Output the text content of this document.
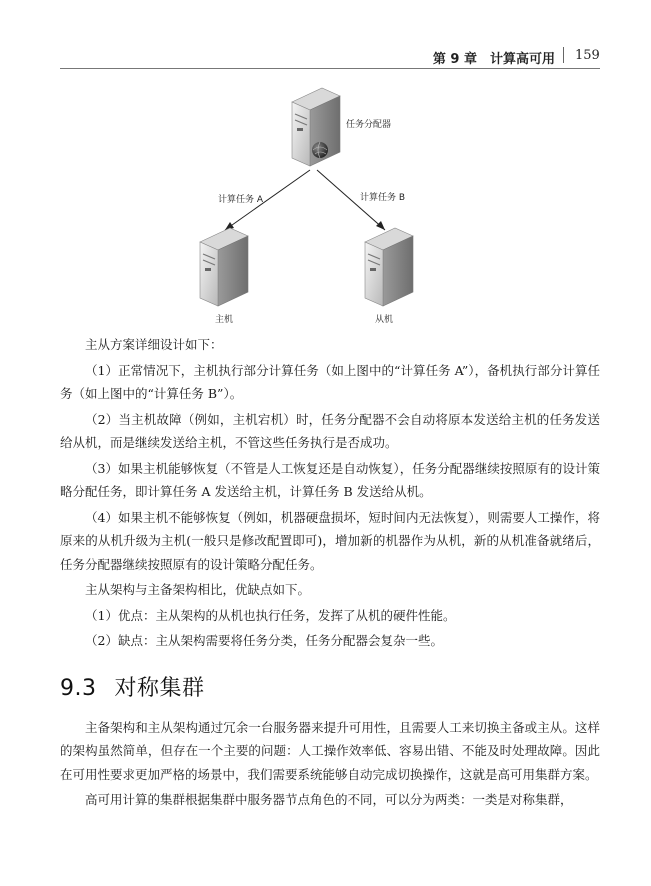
第 9 章　计算高可用 159
任务分配器
计算任务 A	计算任务 B
主机	从机

主从方案详细设计如下：

（1）正常情况下，主机执行部分计算任务（如上图中的“计算任务 A”），备机执行部分计算任务（如上图中的“计算任务 B”）。

（2）当主机故障（例如，主机宕机）时，任务分配器不会自动将原本发送给主机的任务发送给从机，而是继续发送给主机，不管这些任务执行是否成功。

（3）如果主机能够恢复（不管是人工恢复还是自动恢复），任务分配器继续按照原有的设计策略分配任务，即计算任务 A 发送给主机，计算任务 B 发送给从机。

（4）如果主机不能够恢复（例如，机器硬盘损坏，短时间内无法恢复），则需要人工操作，将原来的从机升级为主机(一般只是修改配置即可)，增加新的机器作为从机，新的从机准备就绪后，任务分配器继续按照原有的设计策略分配任务。

主从架构与主备架构相比，优缺点如下。

（1）优点：主从架构的从机也执行任务，发挥了从机的硬件性能。

（2）缺点：主从架构需要将任务分类，任务分配器会复杂一些。

9.3 对称集群

主备架构和主从架构通过冗余一台服务器来提升可用性，且需要人工来切换主备或主从。这样的架构虽然简单，但存在一个主要的问题：人工操作效率低、容易出错、不能及时处理故障。因此在可用性要求更加严格的场景中，我们需要系统能够自动完成切换操作，这就是高可用集群方案。

高可用计算的集群根据集群中服务器节点角色的不同，可以分为两类：一类是对称集群，
